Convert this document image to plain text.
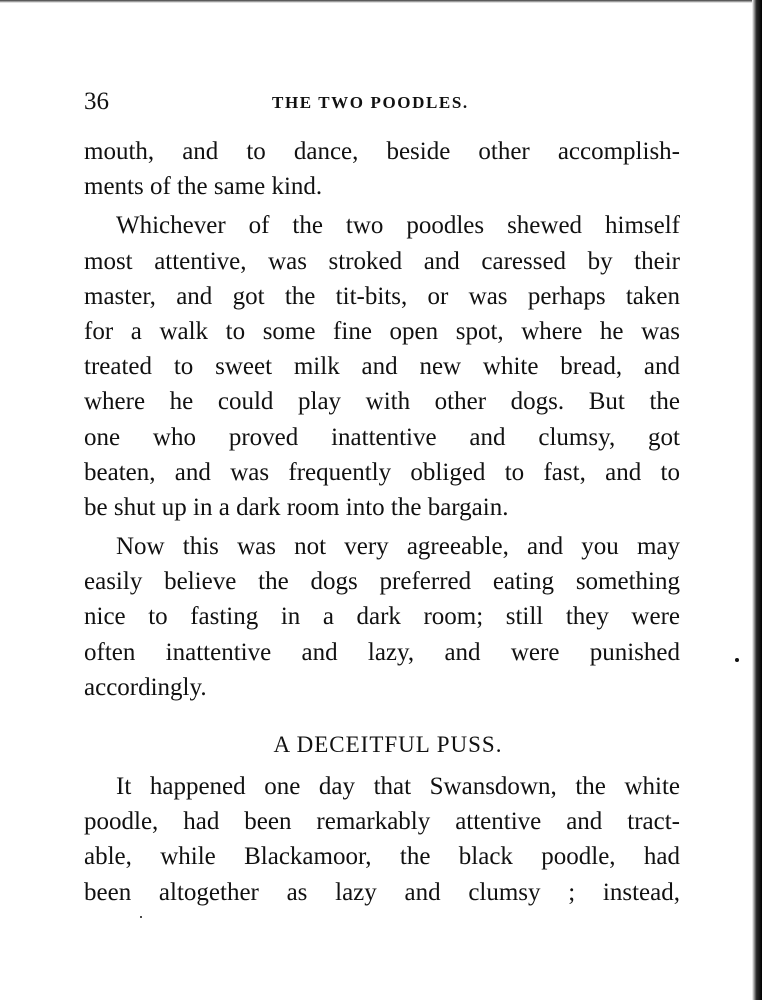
36	THE TWO POODLES.
mouth, and to dance, beside other accomplish-
ments of the same kind.
Whichever of the two poodles shewed himself
most attentive, was stroked and caressed by their
master, and got the tit-bits, or was perhaps taken
for a walk to some fine open spot, where he was
treated to sweet milk and new white bread, and
where he could play with other dogs. But the
one who proved inattentive and clumsy, got
beaten, and was frequently obliged to fast, and to
be shut up in a dark room into the bargain.
Now this was not very agreeable, and you may
easily believe the dogs preferred eating something
nice to fasting in a dark room; still they were
often inattentive and lazy, and were punished
accordingly.
A DECEITFUL PUSS.
It happened one day that Swansdown, the white
poodle, had been remarkably attentive and tract-
able, while Blackamoor, the black poodle, had
been altogether as lazy and clumsy ; instead,
